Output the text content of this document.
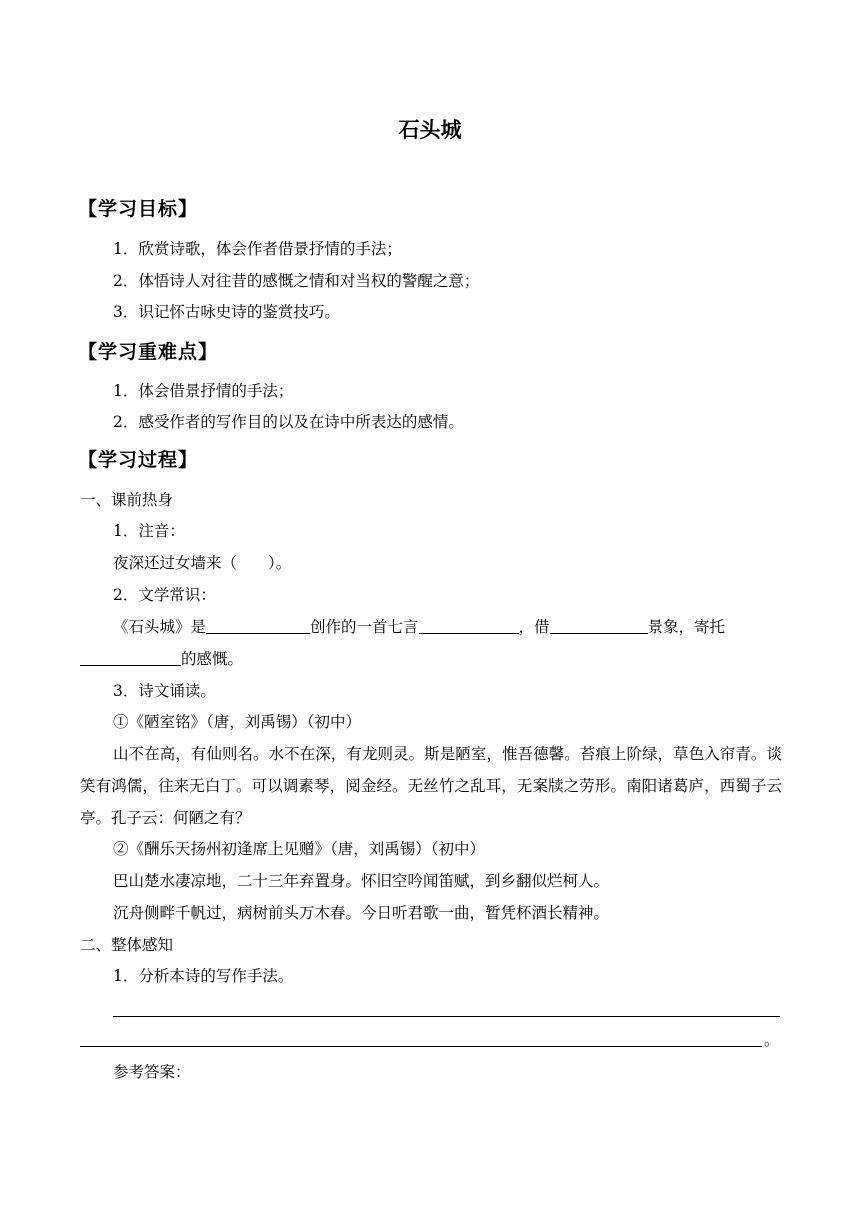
石头城
【学习目标】
1．欣赏诗歌，体会作者借景抒情的手法；
2．体悟诗人对往昔的感慨之情和对当权的警醒之意；
3．识记怀古咏史诗的鉴赏技巧。
【学习重难点】
1．体会借景抒情的手法；
2．感受作者的写作目的以及在诗中所表达的感情。
【学习过程】
一、课前热身
1．注音：
夜深还过女墙来（　　）。
2．文学常识：
《石头城》是	创作的一首七言	，借	景象，寄托
的感慨。
3．诗文诵读。
①《陋室铭》（唐，刘禹锡）（初中）
山不在高，有仙则名。水不在深，有龙则灵。斯是陋室，惟吾德馨。苔痕上阶绿，草色入帘青。谈笑有鸿儒，往来无白丁。可以调素琴，阅金经。无丝竹之乱耳，无案牍之劳形。南阳诸葛庐，西蜀子云亭。孔子云：何陋之有？
②《酬乐天扬州初逢席上见赠》（唐，刘禹锡）（初中）
巴山楚水凄凉地，二十三年弃置身。怀旧空吟闻笛赋，到乡翻似烂柯人。
沉舟侧畔千帆过，病树前头万木春。今日听君歌一曲，暂凭杯酒长精神。
二、整体感知
1．分析本诗的写作手法。
。
参考答案：
